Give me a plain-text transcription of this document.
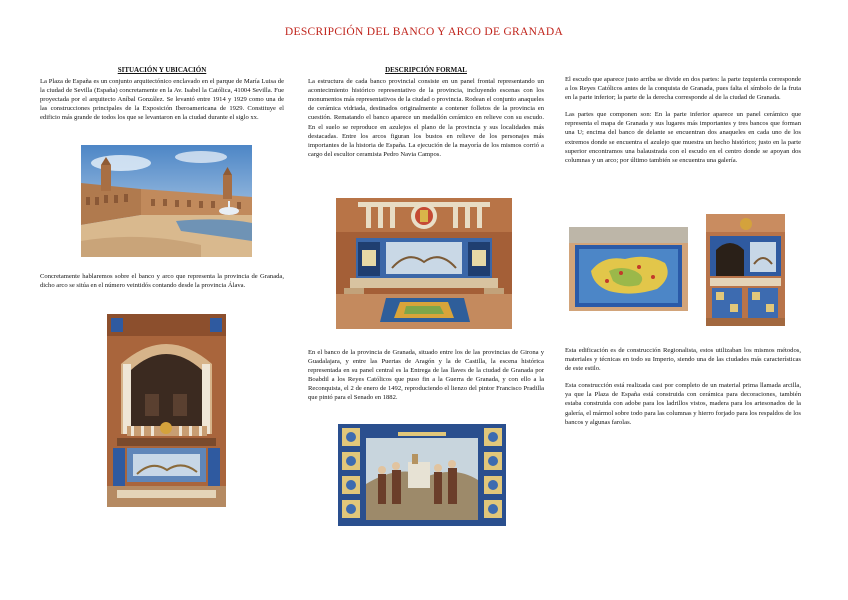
DESCRIPCIÓN DEL BANCO Y ARCO DE GRANADA
SITUACIÓN Y UBICACIÓN

La Plaza de España es un conjunto arquitectónico enclavado en el parque de María Luisa de la ciudad de Sevilla (España) concretamente en la Av. Isabel la Católica, 41004 Sevilla. Fue proyectada por el arquitecto Aníbal González. Se levantó entre 1914 y 1929 como una de las construcciones principales de la Exposición Iberoamericana de 1929. Constituye el edificio más grande de todos los que se levantaron en la ciudad durante el siglo xx.

Concretamente hablaremos sobre el banco y arco que representa la provincia de Granada, dicho arco se sitúa en el número veintidós contando desde la provincia Álava.

DESCRIPCIÓN FORMAL

La estructura de cada banco provincial consiste en un panel frontal representando un acontecimiento histórico representativo de la provincia, incluyendo escenas con los monumentos más representativos de la ciudad o provincia. Rodean el conjunto anaqueles de cerámica vidriada, destinados originalmente a contener folletos de la provincia en cuestión. Rematando el banco aparece un medallón cerámico en relieve con su escudo. En el suelo se reproduce en azulejos el plano de la provincia y sus localidades más destacadas. Entre los arcos figuran los bustos en relieve de los personajes más importantes de la historia de España. La ejecución de la mayoría de los mismos corrió a cargo del escultor ceramista Pedro Navia Campos.

En el banco de la provincia de Granada, situado entre los de las provincias de Girona y Guadalajara, y entre las Puertas de Aragón y la de Castilla, la escena histórica representada en su panel central es la Entrega de las llaves de la ciudad de Granada por Boabdil a los Reyes Católicos que puso fin a la Guerra de Granada, y con ello a la Reconquista, el 2 de enero de 1492, reproduciendo el lienzo del pintor Francisco Pradilla que pintó para el Senado en 1882.

El escudo que aparece justo arriba se divide en dos partes: la parte izquierda corresponde a los Reyes Católicos antes de la conquista de Granada, pues falta el símbolo de la fruta en la parte inferior; la parte de la derecha corresponde al de la ciudad de Granada.

Las partes que componen son: En la parte inferior aparece un panel cerámico que representa el mapa de Granada y sus lugares más importantes y tres bancos que forman una U; encima del banco de delante se encuentran dos anaqueles en cada uno de los extremos donde se encuentra el azulejo que muestra un hecho histórico; justo en la parte superior encontramos una balaustrada con el escudo en el centro donde se apoyan dos columnas y un arco; por último también se encuentra una galería.

Esta edificación es de construcción Regionalista, estos utilizaban los mismos métodos, materiales y técnicas en todo su Imperio, siendo una de las ciudades más características de este estilo.

Esta construcción está realizada casi por completo de un material prima llamada arcilla, ya que la Plaza de España está construida con cerámica para decoraciones, también estaba construida con adobe para los ladrillos vistos, madera para los artesonados de la galería, el mármol sobre todo para las columnas y hierro forjado para los respaldos de los bancos y algunas farolas.
